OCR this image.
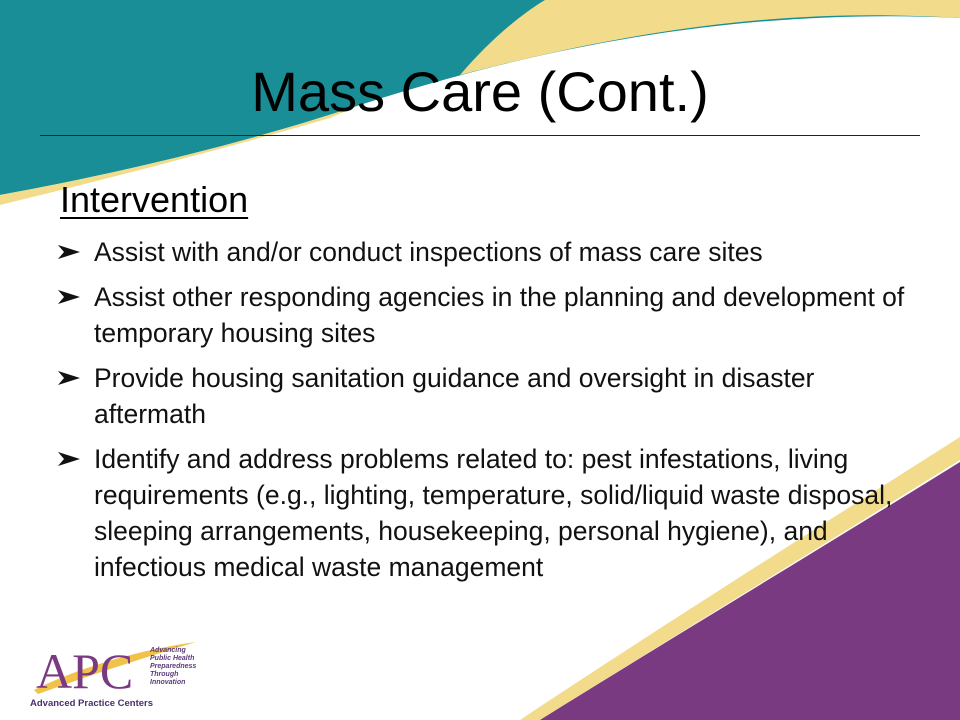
Mass Care (Cont.)
Intervention
Assist with and/or conduct inspections of mass care sites
Assist other responding agencies in the planning and development of temporary housing sites
Provide housing sanitation guidance and oversight in disaster aftermath
Identify and address problems related to: pest infestations, living requirements (e.g., lighting, temperature, solid/liquid waste disposal, sleeping arrangements, housekeeping, personal hygiene), and infectious medical waste management
APC Advancing
Public Health
Preparedness
Through
Innovation
Advanced Practice Centers
